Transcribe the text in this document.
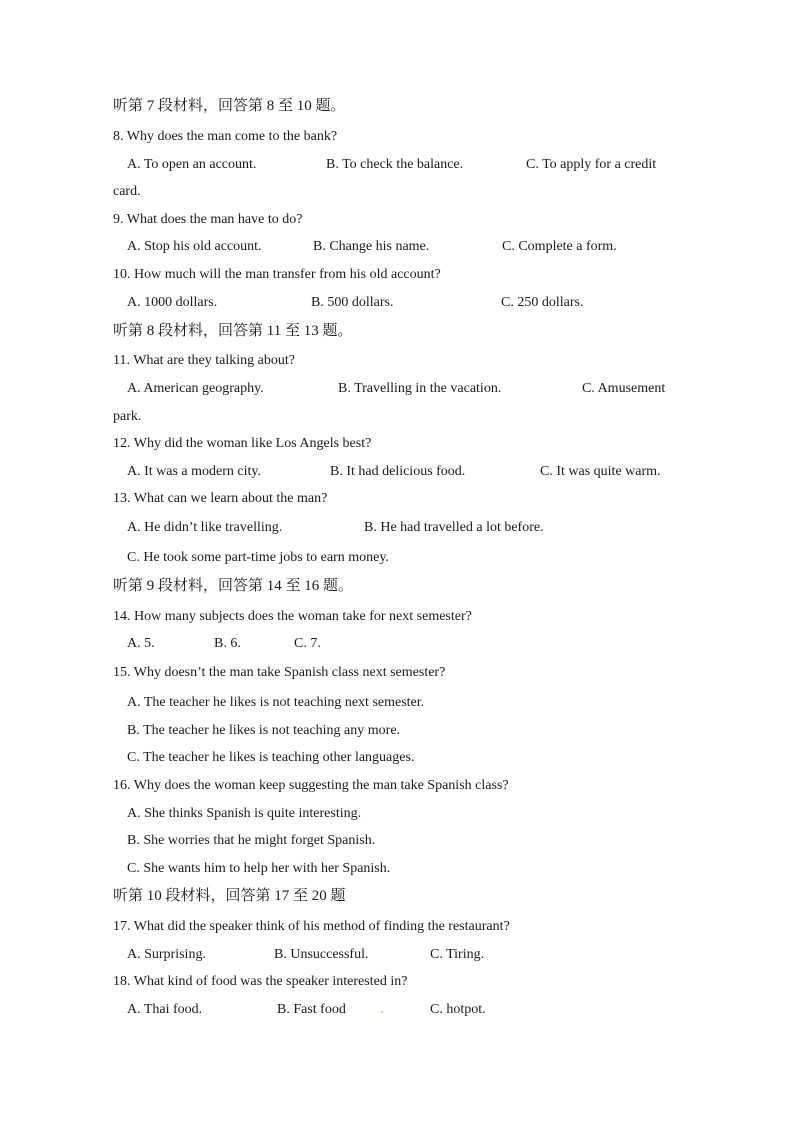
听第 7 段材料，回答第 8 至 10 题。
8. Why does the man come to the bank?
A. To open an account.	B. To check the balance.	C. To apply for a credit
card.
9. What does the man have to do?
A. Stop his old account.	B. Change his name.	C. Complete a form.
10. How much will the man transfer from his old account?
A. 1000 dollars.	B. 500 dollars.	C. 250 dollars.
听第 8 段材料，回答第 11 至 13 题。
11. What are they talking about?
A. American geography.	B. Travelling in the vacation.	C. Amusement
park.
12. Why did the woman like Los Angels best?
A. It was a modern city.	B. It had delicious food.	C. It was quite warm.
13. What can we learn about the man?
A. He didn’t like travelling.	B. He had travelled a lot before.
C. He took some part-time jobs to earn money.
听第 9 段材料，回答第 14 至 16 题。
14. How many subjects does the woman take for next semester?
A. 5.	B. 6.	C. 7.
15. Why doesn’t the man take Spanish class next semester?
A. The teacher he likes is not teaching next semester.
B. The teacher he likes is not teaching any more.
C. The teacher he likes is teaching other languages.
16. Why does the woman keep suggesting the man take Spanish class?
A. She thinks Spanish is quite interesting.
B. She worries that he might forget Spanish.
C. She wants him to help her with her Spanish.
听第 10 段材料，回答第 17 至 20 题
17. What did the speaker think of his method of finding the restaurant?
A. Surprising.	B. Unsuccessful.	C. Tiring.
18. What kind of food was the speaker interested in?
A. Thai food.	B. Fast food .	C. hotpot.
